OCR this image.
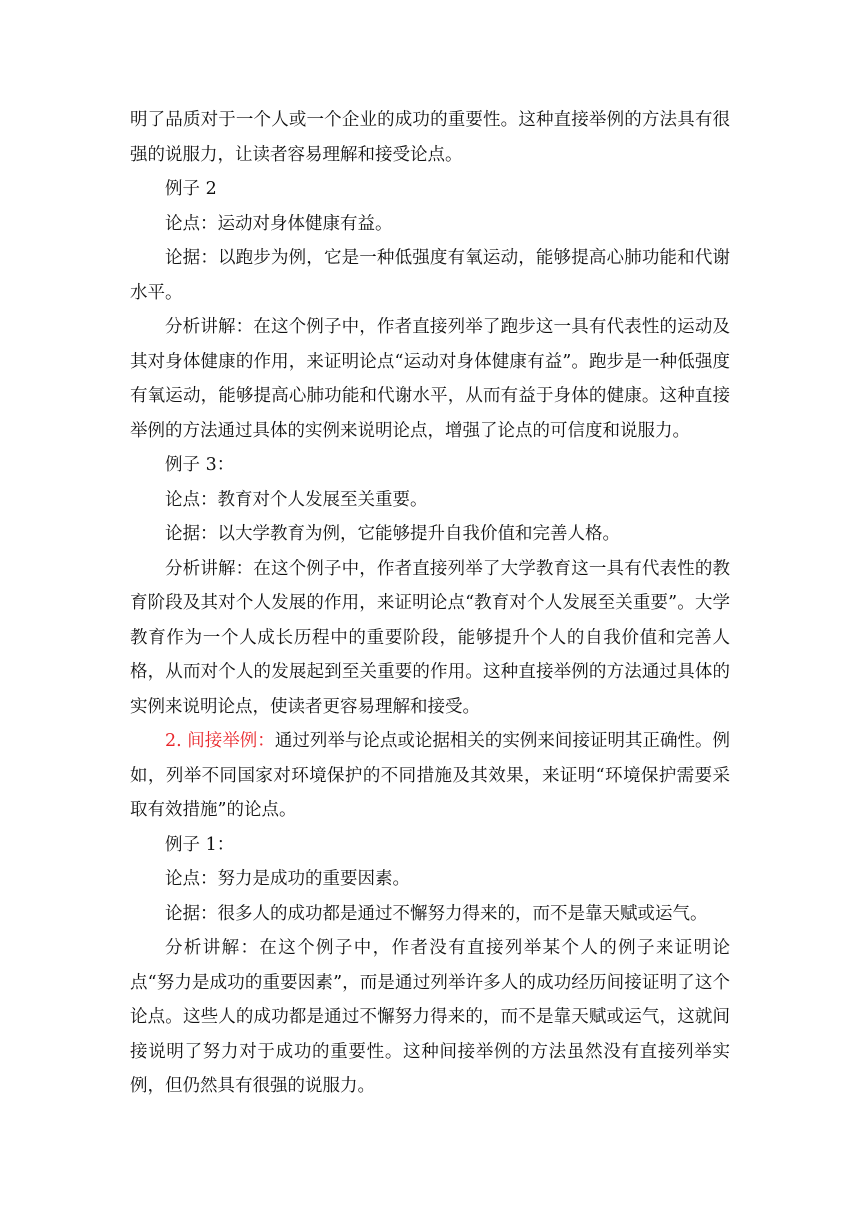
明了品质对于一个人或一个企业的成功的重要性。这种直接举例的方法具有很强的说服力，让读者容易理解和接受论点。

例子 2

论点：运动对身体健康有益。

论据：以跑步为例，它是一种低强度有氧运动，能够提高心肺功能和代谢水平。

分析讲解：在这个例子中，作者直接列举了跑步这一具有代表性的运动及其对身体健康的作用，来证明论点“运动对身体健康有益”。跑步是一种低强度有氧运动，能够提高心肺功能和代谢水平，从而有益于身体的健康。这种直接举例的方法通过具体的实例来说明论点，增强了论点的可信度和说服力。

例子 3：

论点：教育对个人发展至关重要。

论据：以大学教育为例，它能够提升自我价值和完善人格。

分析讲解：在这个例子中，作者直接列举了大学教育这一具有代表性的教育阶段及其对个人发展的作用，来证明论点“教育对个人发展至关重要”。大学教育作为一个人成长历程中的重要阶段，能够提升个人的自我价值和完善人格，从而对个人的发展起到至关重要的作用。这种直接举例的方法通过具体的实例来说明论点，使读者更容易理解和接受。

2. 间接举例：通过列举与论点或论据相关的实例来间接证明其正确性。例如，列举不同国家对环境保护的不同措施及其效果，来证明“环境保护需要采取有效措施”的论点。

例子 1：

论点：努力是成功的重要因素。

论据：很多人的成功都是通过不懈努力得来的，而不是靠天赋或运气。

分析讲解：在这个例子中，作者没有直接列举某个人的例子来证明论点“努力是成功的重要因素”，而是通过列举许多人的成功经历间接证明了这个论点。这些人的成功都是通过不懈努力得来的，而不是靠天赋或运气，这就间接说明了努力对于成功的重要性。这种间接举例的方法虽然没有直接列举实例，但仍然具有很强的说服力。
